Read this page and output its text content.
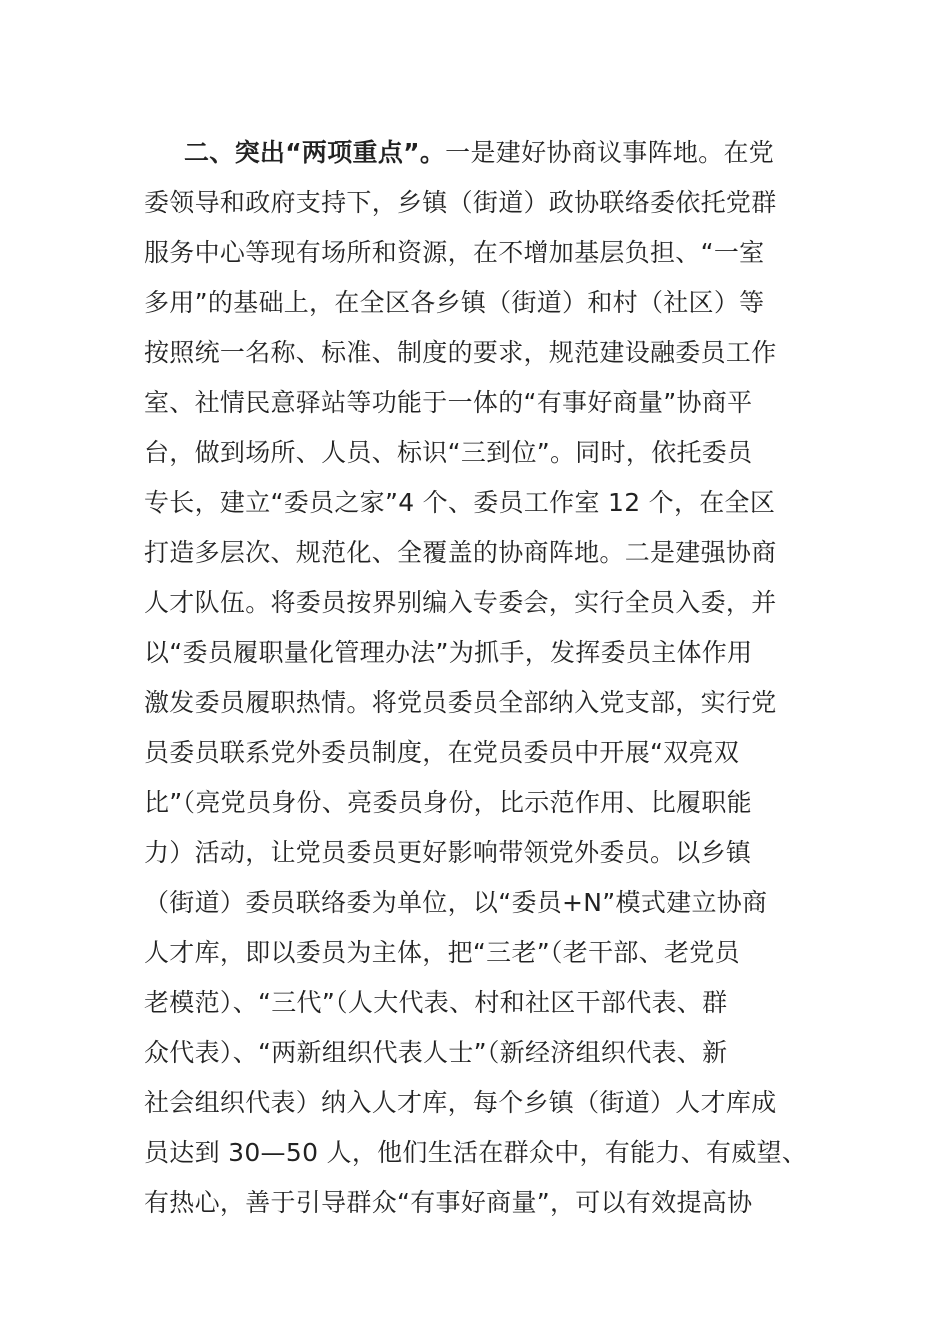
二、突出“两项重点”。一是建好协商议事阵地。在党
委领导和政府支持下，乡镇（街道）政协联络委依托党群
服务中心等现有场所和资源，在不增加基层负担、“一室
多用”的基础上，在全区各乡镇（街道）和村（社区）等
按照统一名称、标准、制度的要求，规范建设融委员工作
室、社情民意驿站等功能于一体的“有事好商量”协商平
台，做到场所、人员、标识“三到位”。同时，依托委员
专长，建立“委员之家”4 个、委员工作室 12 个，在全区
打造多层次、规范化、全覆盖的协商阵地。二是建强协商
人才队伍。将委员按界别编入专委会，实行全员入委，并
以“委员履职量化管理办法”为抓手，发挥委员主体作用
激发委员履职热情。将党员委员全部纳入党支部，实行党
员委员联系党外委员制度，在党员委员中开展“双亮双
比”（亮党员身份、亮委员身份，比示范作用、比履职能
力）活动，让党员委员更好影响带领党外委员。以乡镇
（街道）委员联络委为单位，以“委员+N”模式建立协商
人才库，即以委员为主体，把“三老”（老干部、老党员
老模范）、“三代”（人大代表、村和社区干部代表、群
众代表）、“两新组织代表人士”（新经济组织代表、新
社会组织代表）纳入人才库，每个乡镇（街道）人才库成
员达到 30—50 人，他们生活在群众中，有能力、有威望、
有热心，善于引导群众“有事好商量”，可以有效提高协
